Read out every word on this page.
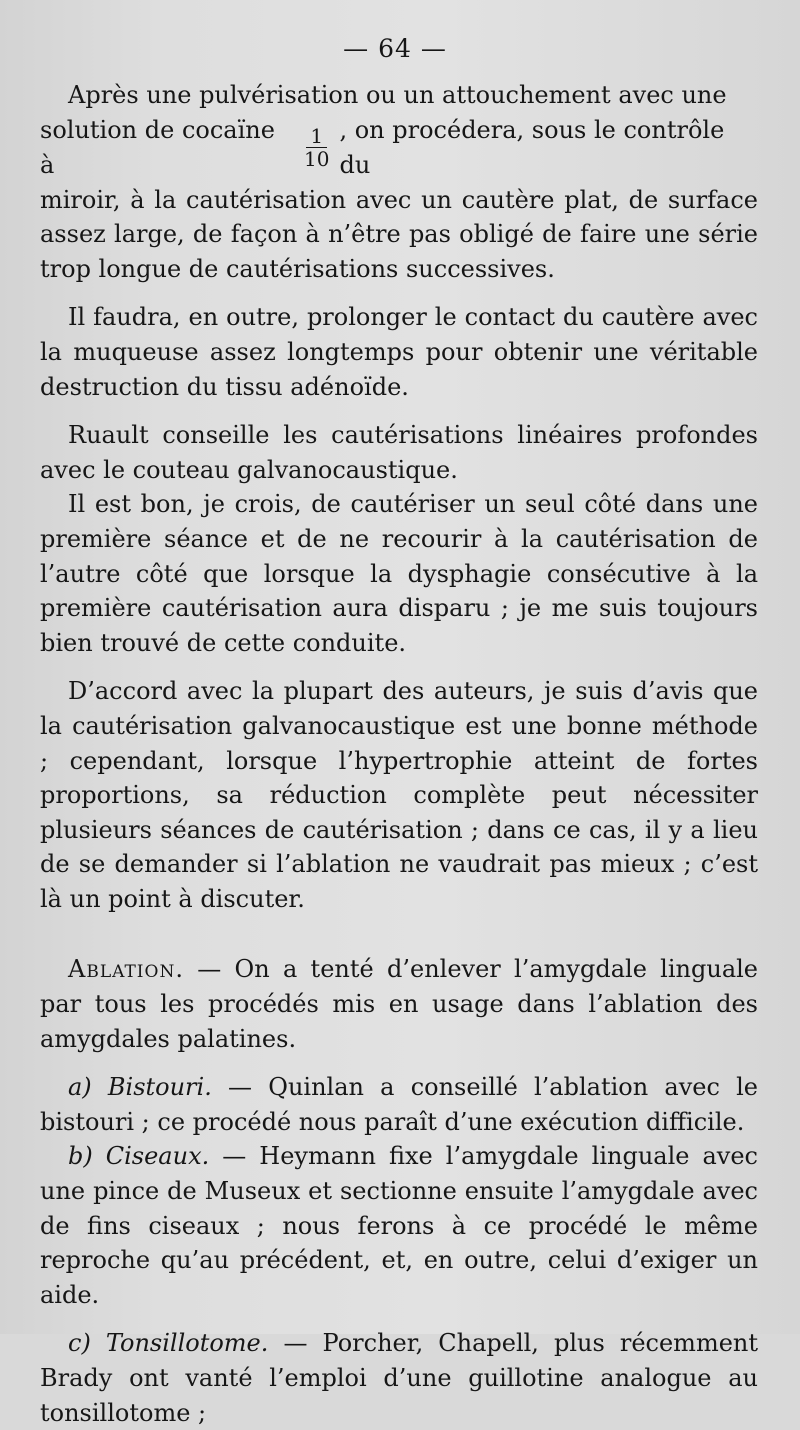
— 64 —

Après une pulvérisation ou un attouchement avec une

solution de cocaïne à	$\frac{1}{10}$ , on procédera, sous le contrôle du

miroir, à la cautérisation avec un cautère plat, de surface assez large, de façon à n’être pas obligé de faire une série trop longue de cautérisations successives.

Il faudra, en outre, prolonger le contact du cautère avec la muqueuse assez longtemps pour obtenir une véritable destruction du tissu adénoïde.

Ruault conseille les cautérisations linéaires profondes avec le couteau galvanocaustique.

Il est bon, je crois, de cautériser un seul côté dans une première séance et de ne recourir à la cautérisation de l’autre côté que lorsque la dysphagie consécutive à la première cautérisation aura disparu ; je me suis toujours bien trouvé de cette conduite.

D’accord avec la plupart des auteurs, je suis d’avis que la cautérisation galvanocaustique est une bonne méthode ; cependant, lorsque l’hypertrophie atteint de fortes proportions, sa réduction complète peut nécessiter plusieurs séances de cautérisation ; dans ce cas, il y a lieu de se demander si l’ablation ne vaudrait pas mieux ; c’est là un point à discuter.

Ablation. — On a tenté d’enlever l’amygdale linguale par tous les procédés mis en usage dans l’ablation des amygdales palatines.

a) Bistouri. — Quinlan a conseillé l’ablation avec le bistouri ; ce procédé nous paraît d’une exécution difficile.

b) Ciseaux. — Heymann fixe l’amygdale linguale avec une pince de Museux et sectionne ensuite l’amygdale avec de fins ciseaux ; nous ferons à ce procédé le même reproche qu’au précédent, et, en outre, celui d’exiger un aide.

c) Tonsillotome. — Porcher, Chapell, plus récemment Brady ont vanté l’emploi d’une guillotine analogue au tonsillotome ;
